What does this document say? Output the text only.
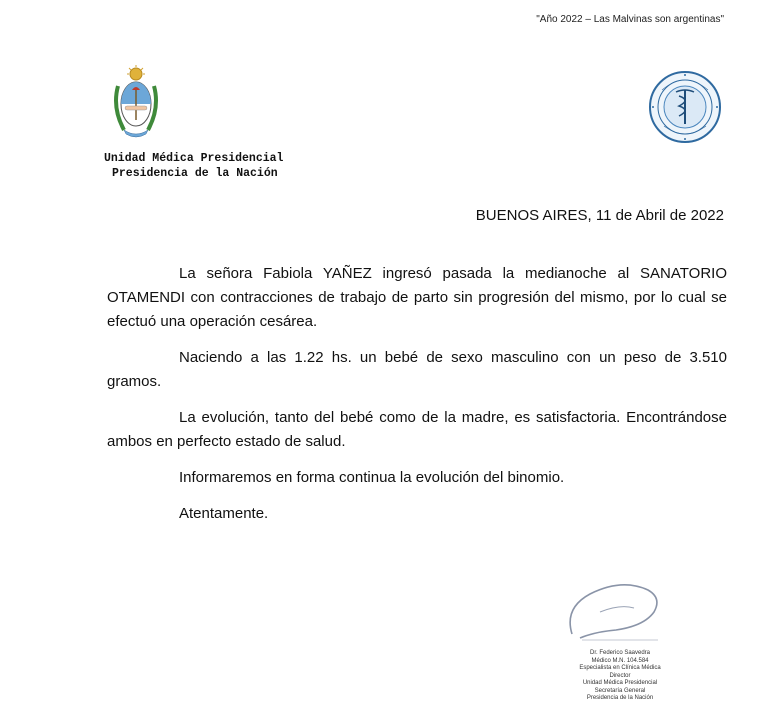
"Año 2022 – Las Malvinas son argentinas"
Unidad Médica Presidencial
Presidencia de la Nación
BUENOS AIRES, 11 de Abril de 2022

La señora Fabiola YAÑEZ ingresó pasada la medianoche al SANATORIO OTAMENDI con contracciones de trabajo de parto sin progresión del mismo, por lo cual se efectuó una operación cesárea.

Naciendo a las 1.22 hs. un bebé de sexo masculino con un peso de 3.510 gramos.

La evolución, tanto del bebé como de la madre, es satisfactoria. Encontrándose ambos en perfecto estado de salud.

Informaremos en forma continua la evolución del binomio.

Atentamente.

Dr. Federico Saavedra
Médico M.N. 104.584
Especialista en Clínica Médica
Director
Unidad Médica Presidencial
Secretaría General
Presidencia de la Nación
